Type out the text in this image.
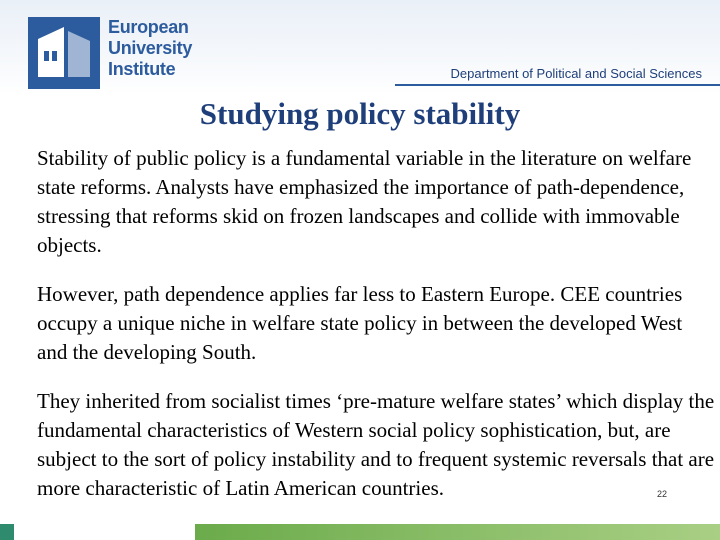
European
University
Institute	Department of Political and Social Sciences
Studying policy stability

Stability of public policy is a fundamental variable in the literature on welfare state reforms. Analysts have emphasized the importance of path-dependence, stressing that reforms skid on frozen landscapes and collide with immovable objects.

However, path dependence applies far less to Eastern Europe. CEE countries occupy a unique niche in welfare state policy in between the developed West and the developing South.

They inherited from socialist times ‘pre-mature welfare states’ which display the fundamental characteristics of Western social policy sophistication, but, are subject to the sort of policy instability and to frequent systemic reversals that are more characteristic of Latin American countries.	22
